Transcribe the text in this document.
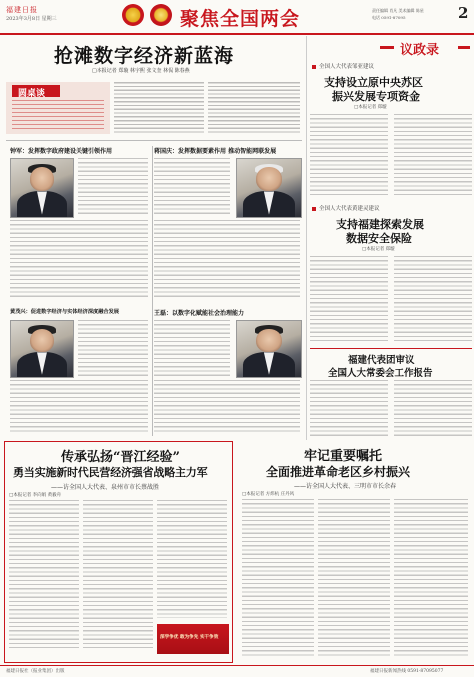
福建日报
2023年3月8日 星期三	聚焦全国两会	责任编辑 肖凡 美术编辑 陈星
电话 0591-87095	2
抢滩数字经济新蓝海
□本报记者 郑璇 林宇熙 张文奎 林侃 陈春燕
圆桌谈
钟军：发挥数字政府建设关键引领作用	蒋国庆：发挥数据要素作用 推动智能网联发展
黄茂兴：促进数字经济与实体经济深度融合发展	王磊：以数字化赋能社会治理能力
议政录
全国人大代表邹亚建议
支持设立原中央苏区
振兴发展专项资金
□本报记者 郑璇
全国人大代表黄建灵建议
支持福建探索发展
数据安全保险
□本报记者 郑璇
福建代表团审议
全国人大常委会工作报告
传承弘扬“晋江经验”
勇当实施新时代民营经济强省战略主力军
——访全国人大代表、泉州市市长蔡战胜
□本报记者 李向娟 黄毅舟
深学争优 敢为争先 实干争效
牢记重要嘱托
全面推进革命老区乡村振兴
——访全国人大代表、三明市市长余春
□本报记者 方炜杭 庄丹风
福建日报社（报业集团）出版	福建日报新闻热线 0591-87095077
